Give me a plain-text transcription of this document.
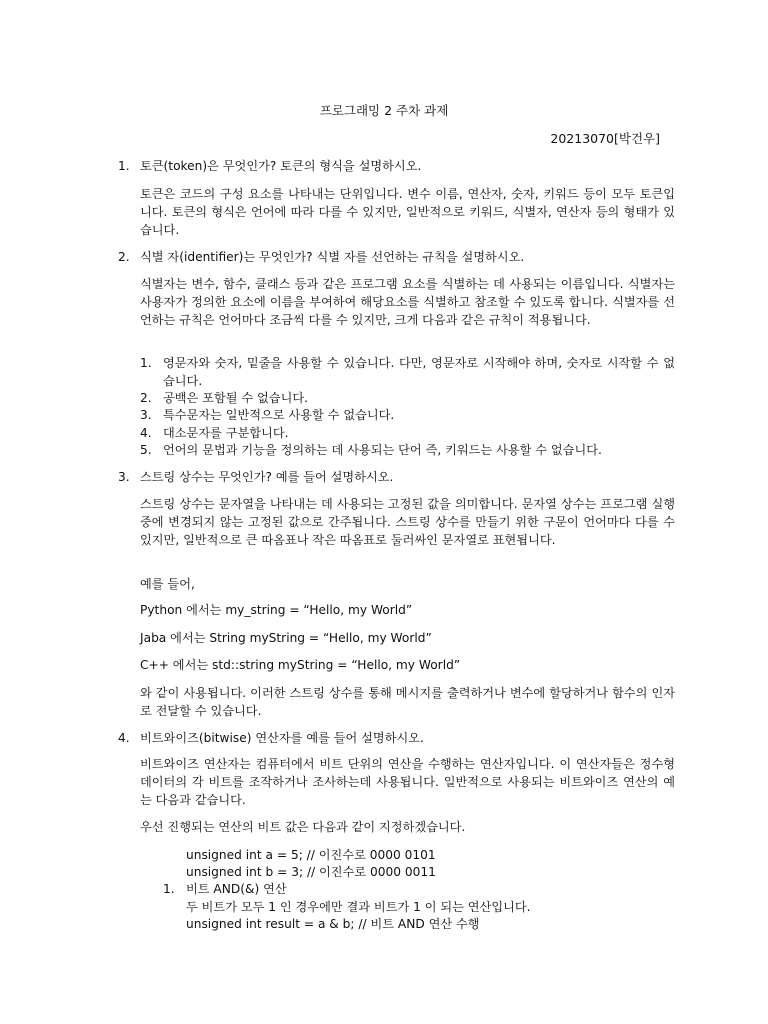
프로그래밍 2 주차 과제
20213070[박건우]
1. 토큰(token)은 무엇인가? 토큰의 형식을 설명하시오.
토큰은 코드의 구성 요소를 나타내는 단위입니다. 변수 이름, 연산자, 숫자, 키워드 등이 모두 토큰입니다. 토큰의 형식은 언어에 따라 다를 수 있지만, 일반적으로 키워드, 식별자, 연산자 등의 형태가 있습니다.
2. 식별 자(identifier)는 무엇인가? 식별 자를 선언하는 규칙을 설명하시오.
식별자는 변수, 함수, 클래스 등과 같은 프로그램 요소를 식별하는 데 사용되는 이름입니다. 식별자는 사용자가 정의한 요소에 이름을 부여하여 해당요소를 식별하고 참조할 수 있도록 합니다. 식별자를 선언하는 규칙은 언어마다 조금씩 다를 수 있지만, 크게 다음과 같은 규칙이 적용됩니다.
1. 영문자와 숫자, 밑줄을 사용할 수 있습니다. 다만, 영문자로 시작해야 하며, 숫자로 시작할 수 없습니다.
2. 공백은 포함될 수 없습니다.
3. 특수문자는 일반적으로 사용할 수 없습니다.
4. 대소문자를 구분합니다.
5. 언어의 문법과 기능을 정의하는 데 사용되는 단어 즉, 키워드는 사용할 수 없습니다.
3. 스트링 상수는 무엇인가? 예를 들어 설명하시오.
스트링 상수는 문자열을 나타내는 데 사용되는 고정된 값을 의미합니다. 문자열 상수는 프로그램 실행 중에 변경되지 않는 고정된 값으로 간주됩니다. 스트링 상수를 만들기 위한 구문이 언어마다 다를 수 있지만, 일반적으로 큰 따옴표나 작은 따옴표로 둘러싸인 문자열로 표현됩니다.
예를 들어,
Python 에서는 my_string = “Hello, my World”
Jaba 에서는 String myString = “Hello, my World”
C++ 에서는 std::string myString = “Hello, my World”
와 같이 사용됩니다. 이러한 스트링 상수를 통해 메시지를 출력하거나 변수에 할당하거나 함수의 인자로 전달할 수 있습니다.
4. 비트와이즈(bitwise) 연산자를 예를 들어 설명하시오.
비트와이즈 연산자는 컴퓨터에서 비트 단위의 연산을 수행하는 연산자입니다. 이 연산자들은 정수형 데이터의 각 비트를 조작하거나 조사하는데 사용됩니다. 일반적으로 사용되는 비트와이즈 연산의 예는 다음과 같습니다.
우선 진행되는 연산의 비트 값은 다음과 같이 지정하겠습니다.
unsigned int a = 5; // 이진수로 0000 0101
unsigned int b = 3; // 이진수로 0000 0011
1. 비트 AND(&) 연산
두 비트가 모두 1 인 경우에만 결과 비트가 1 이 되는 연산입니다.
unsigned int result = a & b; // 비트 AND 연산 수행
